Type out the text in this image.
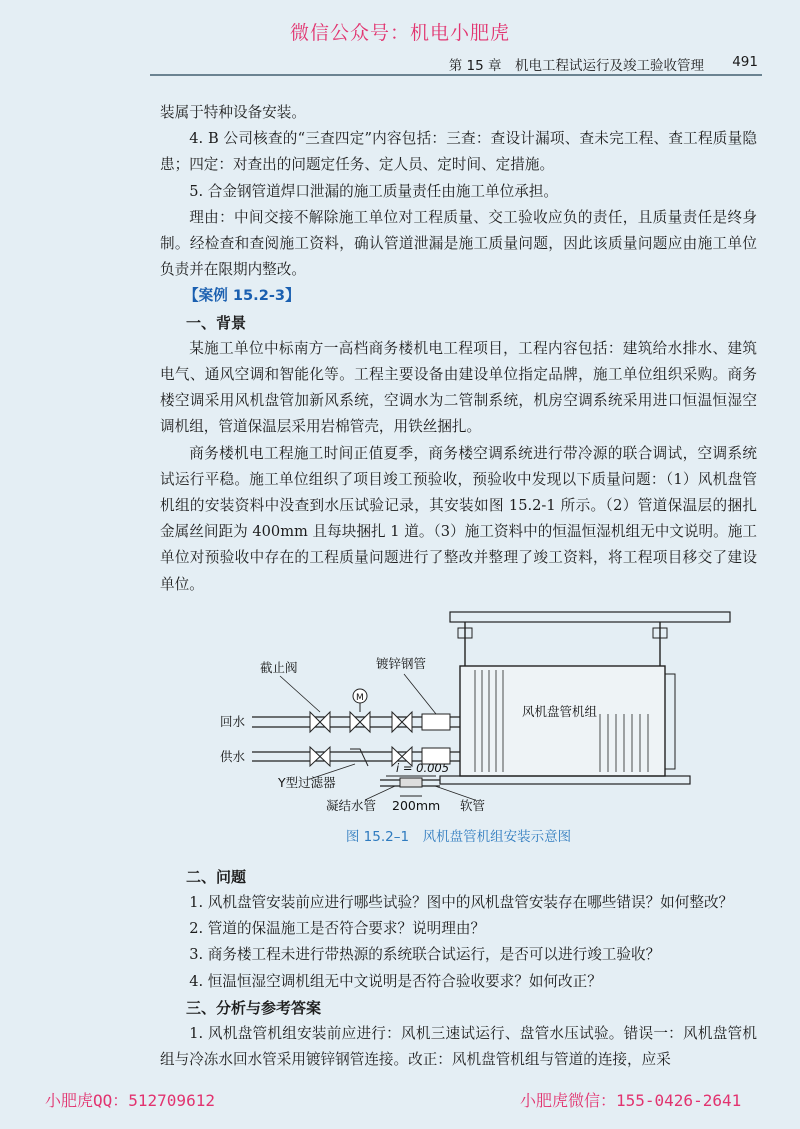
微信公众号：机电小肥虎
第 15 章　机电工程试运行及竣工验收管理 491

装属于特种设备安装。

4. B 公司核查的“三查四定”内容包括：三查：查设计漏项、查未完工程、查工程质量隐患；四定：对查出的问题定任务、定人员、定时间、定措施。

5. 合金钢管道焊口泄漏的施工质量责任由施工单位承担。

理由：中间交接不解除施工单位对工程质量、交工验收应负的责任，且质量责任是终身制。经检查和查阅施工资料，确认管道泄漏是施工质量问题，因此该质量问题应由施工单位负责并在限期内整改。

【案例 15.2-3】

一、背景

某施工单位中标南方一高档商务楼机电工程项目，工程内容包括：建筑给水排水、建筑电气、通风空调和智能化等。工程主要设备由建设单位指定品牌，施工单位组织采购。商务楼空调采用风机盘管加新风系统，空调水为二管制系统，机房空调系统采用进口恒温恒湿空调机组，管道保温层采用岩棉管壳，用铁丝捆扎。

商务楼机电工程施工时间正值夏季，商务楼空调系统进行带冷源的联合调试，空调系统试运行平稳。施工单位组织了项目竣工预验收，预验收中发现以下质量问题：（1）风机盘管机组的安装资料中没查到水压试验记录，其安装如图 15.2-1 所示。（2）管道保温层的捆扎金属丝间距为 400mm 且每块捆扎 1 道。（3）施工资料中的恒温恒湿机组无中文说明。施工单位对预验收中存在的工程质量问题进行了整改并整理了竣工资料，将工程项目移交了建设单位。

截止阀	镀锌钢管
风机盘管机组
回水
供水
Y型过滤器
i = 0.005
凝结水管 200mm 软管
M
图 15.2–1　风机盘管机组安装示意图

二、问题

1. 风机盘管安装前应进行哪些试验？图中的风机盘管安装存在哪些错误？如何整改？

2. 管道的保温施工是否符合要求？说明理由？

3. 商务楼工程未进行带热源的系统联合试运行，是否可以进行竣工验收？

4. 恒温恒湿空调机组无中文说明是否符合验收要求？如何改正？

三、分析与参考答案

1. 风机盘管机组安装前应进行：风机三速试运行、盘管水压试验。错误一：风机盘管机组与冷冻水回水管采用镀锌钢管连接。改正：风机盘管机组与管道的连接，应采

小肥虎QQ：512709612	小肥虎微信：155-0426-2641
